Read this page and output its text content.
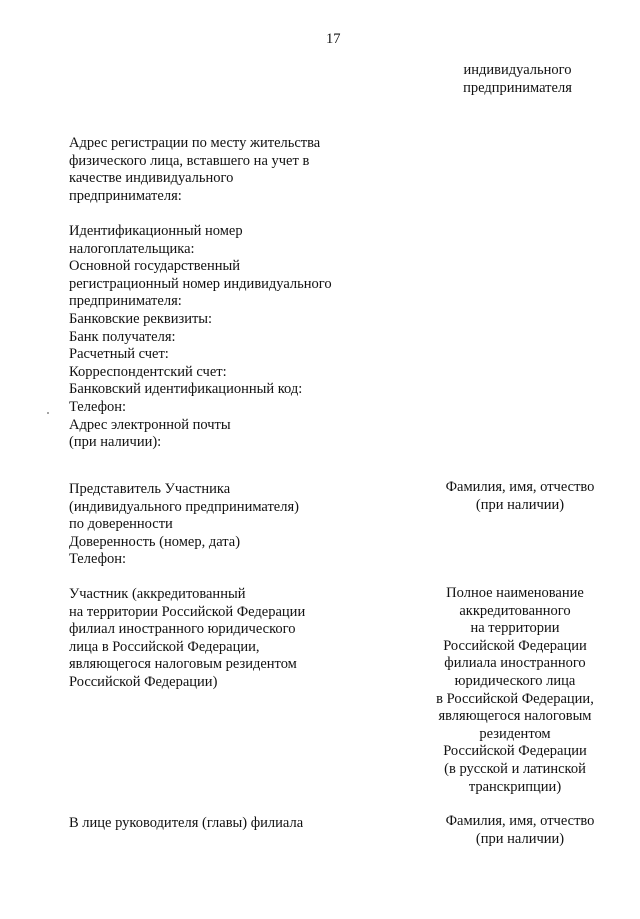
17
индивидуального
предпринимателя
Адрес регистрации по месту жительства
физического лица, вставшего на учет в
качестве индивидуального
предпринимателя:
Идентификационный номер
налогоплательщика:
Основной государственный
регистрационный номер индивидуального
предпринимателя:
Банковские реквизиты:
Банк получателя:
Расчетный счет:
Корреспондентский счет:
Банковский идентификационный код:
Телефон:
Адрес электронной почты
(при наличии):
Представитель Участника
(индивидуального предпринимателя)
по доверенности
Доверенность (номер, дата)
Телефон:
Фамилия, имя, отчество
(при наличии)
Участник (аккредитованный
на территории Российской Федерации
филиал иностранного юридического
лица в Российской Федерации,
являющегося налоговым резидентом
Российской Федерации)
Полное наименование
аккредитованного
на территории
Российской Федерации
филиала иностранного
юридического лица
в Российской Федерации,
являющегося налоговым
резидентом
Российской Федерации
(в русской и латинской
транскрипции)
В лице руководителя (главы) филиала	Фамилия, имя, отчество
(при наличии)
